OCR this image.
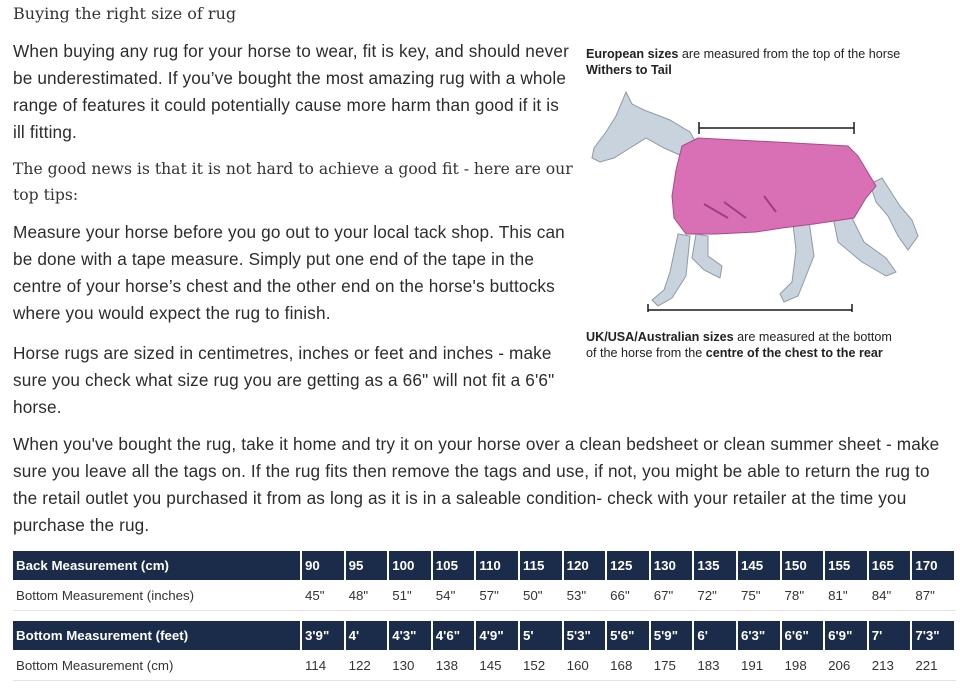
Buying the right size of rug

When buying any rug for your horse to wear, fit is key, and should never be underestimated. If you’ve bought the most amazing rug with a whole range of features it could potentially cause more harm than good if it is ill fitting.

The good news is that it is not hard to achieve a good fit - here are our top tips:

Measure your horse before you go out to your local tack shop. This can be done with a tape measure. Simply put one end of the tape in the centre of your horse’s chest and the other end on the horse's buttocks where you would expect the rug to finish.

Horse rugs are sized in centimetres, inches or feet and inches - make sure you check what size rug you are getting as a 66" will not fit a 6'6" horse.

When you've bought the rug, take it home and try it on your horse over a clean bedsheet or clean summer sheet - make sure you leave all the tags on. If the rug fits then remove the tags and use, if not, you might be able to return the rug to the retail outlet you purchased it from as long as it is in a saleable condition- check with your retailer at the time you purchase the rug.

European sizes are measured from the top of the horse
Withers to Tail
UK/USA/Australian sizes are measured at the bottom
of the horse from the centre of the chest to the rear
Back Measurement (cm)	90	95	100	105	110	115	120	125	130	135	145	150	155	165	170
Bottom Measurement (inches)	45"	48"	51"	54"	57"	50"	53"	66"	67"	72"	75"	78"	81"	84"	87"
Bottom Measurement (feet)	3'9"	4'	4'3"	4'6"	4'9"	5'	5'3"	5'6"	5'9"	6'	6'3"	6'6"	6'9"	7'	7'3"
Bottom Measurement (cm)	114	122	130	138	145	152	160	168	175	183	191	198	206	213	221
